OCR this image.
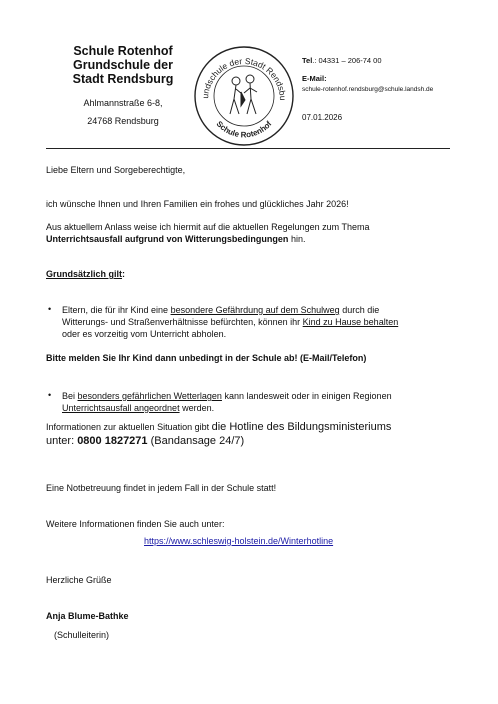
Schule Rotenhof
Grundschule der
Stadt Rendsburg
Ahlmannstraße 6-8,
24768 Rendsburg
undschule der Stadt Rendsbu
Schule Rotenhof
Tel.: 04331 – 206-74 00
E-Mail:
schule-rotenhof.rendsburg@schule.landsh.de
07.01.2026
Liebe Eltern und Sorgeberechtigte,
ich wünsche Ihnen und Ihren Familien ein frohes und glückliches Jahr 2026!
Aus aktuellem Anlass weise ich hiermit auf die aktuellen Regelungen zum Thema
Unterrichtsausfall aufgrund von Witterungsbedingungen hin.
Grundsätzlich gilt:
• Eltern, die für ihr Kind eine besondere Gefährdung auf dem Schulweg durch die
Witterungs- und Straßenverhältnisse befürchten, können ihr Kind zu Hause behalten
oder es vorzeitig vom Unterricht abholen.
Bitte melden Sie Ihr Kind dann unbedingt in der Schule ab! (E-Mail/Telefon)
• Bei besonders gefährlichen Wetterlagen kann landesweit oder in einigen Regionen
Unterrichtsausfall angeordnet werden.
Informationen zur aktuellen Situation gibt die Hotline des Bildungsministeriums
unter: 0800 1827271 (Bandansage 24/7)
Eine Notbetreuung findet in jedem Fall in der Schule statt!
Weitere Informationen finden Sie auch unter:
https://www.schleswig-holstein.de/Winterhotline
Herzliche Grüße
Anja Blume-Bathke
(Schulleiterin)
